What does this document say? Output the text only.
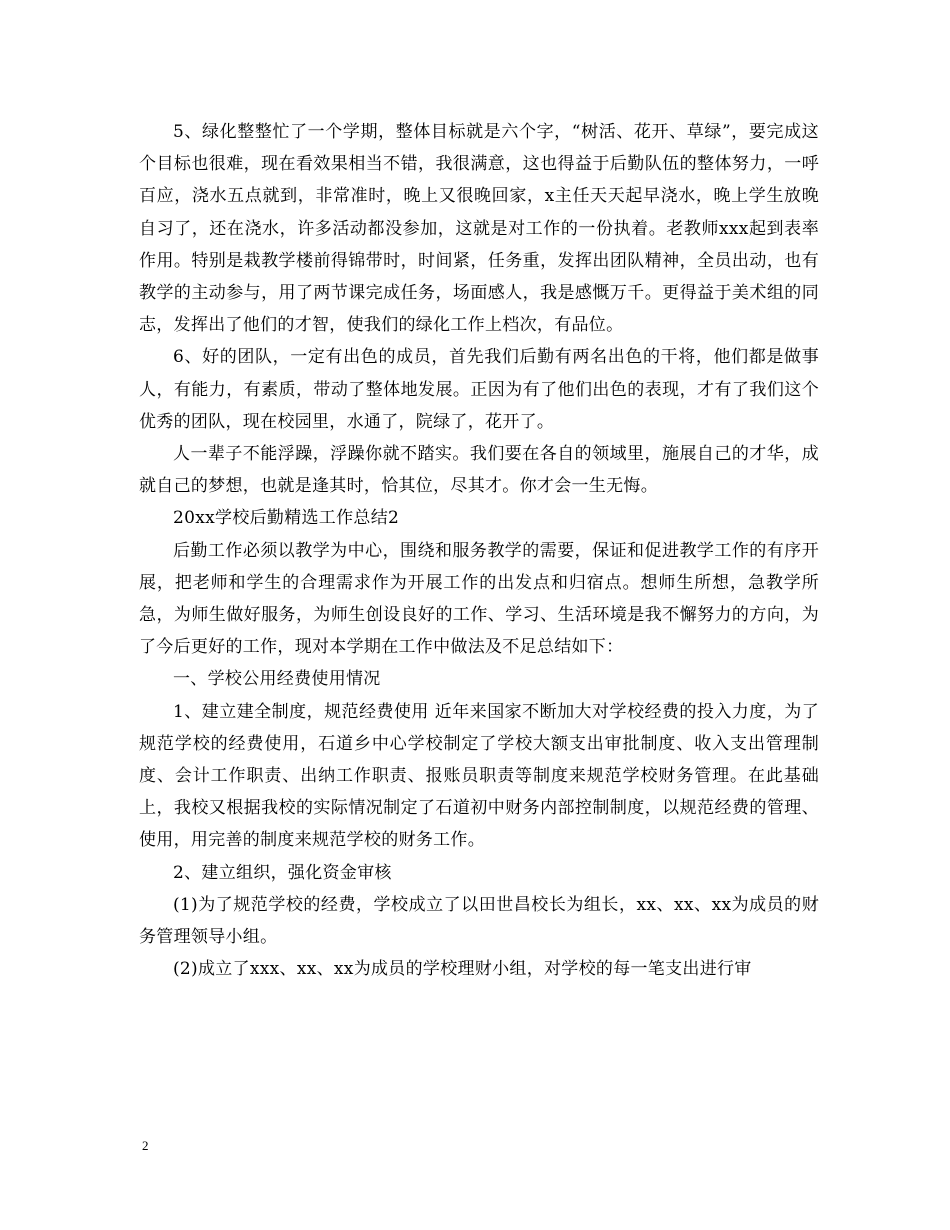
5、绿化整整忙了一个学期，整体目标就是六个字，“树活、花开、草绿”，要完成这个目标也很难，现在看效果相当不错，我很满意，这也得益于后勤队伍的整体努力，一呼百应，浇水五点就到，非常准时，晚上又很晚回家，x主任天天起早浇水，晚上学生放晚自习了，还在浇水，许多活动都没参加，这就是对工作的一份执着。老教师xxx起到表率作用。特别是栽教学楼前得锦带时，时间紧，任务重，发挥出团队精神，全员出动，也有教学的主动参与，用了两节课完成任务，场面感人，我是感慨万千。更得益于美术组的同志，发挥出了他们的才智，使我们的绿化工作上档次，有品位。

6、好的团队，一定有出色的成员，首先我们后勤有两名出色的干将，他们都是做事人，有能力，有素质，带动了整体地发展。正因为有了他们出色的表现，才有了我们这个优秀的团队，现在校园里，水通了，院绿了，花开了。

人一辈子不能浮躁，浮躁你就不踏实。我们要在各自的领域里，施展自己的才华，成就自己的梦想，也就是逢其时，恰其位，尽其才。你才会一生无悔。

20xx学校后勤精选工作总结2

后勤工作必须以教学为中心，围绕和服务教学的需要，保证和促进教学工作的有序开展，把老师和学生的合理需求作为开展工作的出发点和归宿点。想师生所想，急教学所急，为师生做好服务，为师生创设良好的工作、学习、生活环境是我不懈努力的方向，为了今后更好的工作，现对本学期在工作中做法及不足总结如下：

一、学校公用经费使用情况

1、建立建全制度，规范经费使用 近年来国家不断加大对学校经费的投入力度，为了规范学校的经费使用，石道乡中心学校制定了学校大额支出审批制度、收入支出管理制度、会计工作职责、出纳工作职责、报账员职责等制度来规范学校财务管理。在此基础上，我校又根据我校的实际情况制定了石道初中财务内部控制制度，以规范经费的管理、使用，用完善的制度来规范学校的财务工作。

2、建立组织，强化资金审核

(1)为了规范学校的经费，学校成立了以田世昌校长为组长，xx、xx、xx为成员的财务管理领导小组。

(2)成立了xxx、xx、xx为成员的学校理财小组，对学校的每一笔支出进行审

2
